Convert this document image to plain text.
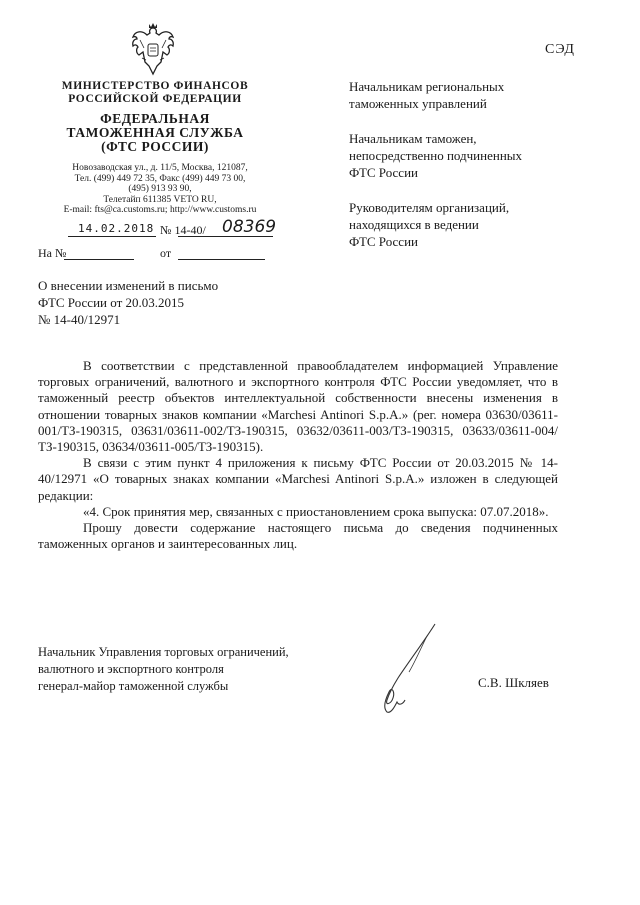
СЭД
МИНИСТЕРСТВО ФИНАНСОВ
РОССИЙСКОЙ ФЕДЕРАЦИИ
ФЕДЕРАЛЬНАЯ
ТАМОЖЕННАЯ СЛУЖБА
(ФТС РОССИИ)
Новозаводская ул., д. 11/5, Москва, 121087,
Тел. (499) 449 72 35, Факс (499) 449 73 00,
(495) 913 93 90,
Телетайп 611385 VETO RU,
E-mail: fts@ca.customs.ru; http://www.customs.ru
14.02.2018 № 14-40/ 08369
На №	от

Начальникам региональных
таможенных управлений

Начальникам таможен,
непосредственно подчиненных
ФТС России

Руководителям организаций,
находящихся в ведении
ФТС России

О внесении изменений в письмо
ФТС России от 20.03.2015
№ 14-40/12971

В соответствии с представленной правообладателем информацией Управление торговых ограничений, валютного и экспортного контроля ФТС России уведомляет, что в таможенный реестр объектов интеллектуальной собственности внесены изменения в отношении товарных знаков компании «Marchesi Antinori S.p.A.» (рег. номера 03630/03611-001/ТЗ-190315, 03631/03611-002/ТЗ-190315, 03632/03611-003/ТЗ-190315, 03633/03611-004/ТЗ-190315, 03634/03611-005/ТЗ-190315).

В связи с этим пункт 4 приложения к письму ФТС России от 20.03.2015 № 14-40/12971 «О товарных знаках компании «Marchesi Antinori S.p.A.» изложен в следующей редакции:

«4. Срок принятия мер, связанных с приостановлением срока выпуска: 07.07.2018».

Прошу довести содержание настоящего письма до сведения подчиненных таможенных органов и заинтересованных лиц.

Начальник Управления торговых ограничений,
валютного и экспортного контроля
генерал-майор таможенной службы	С.В. Шкляев
